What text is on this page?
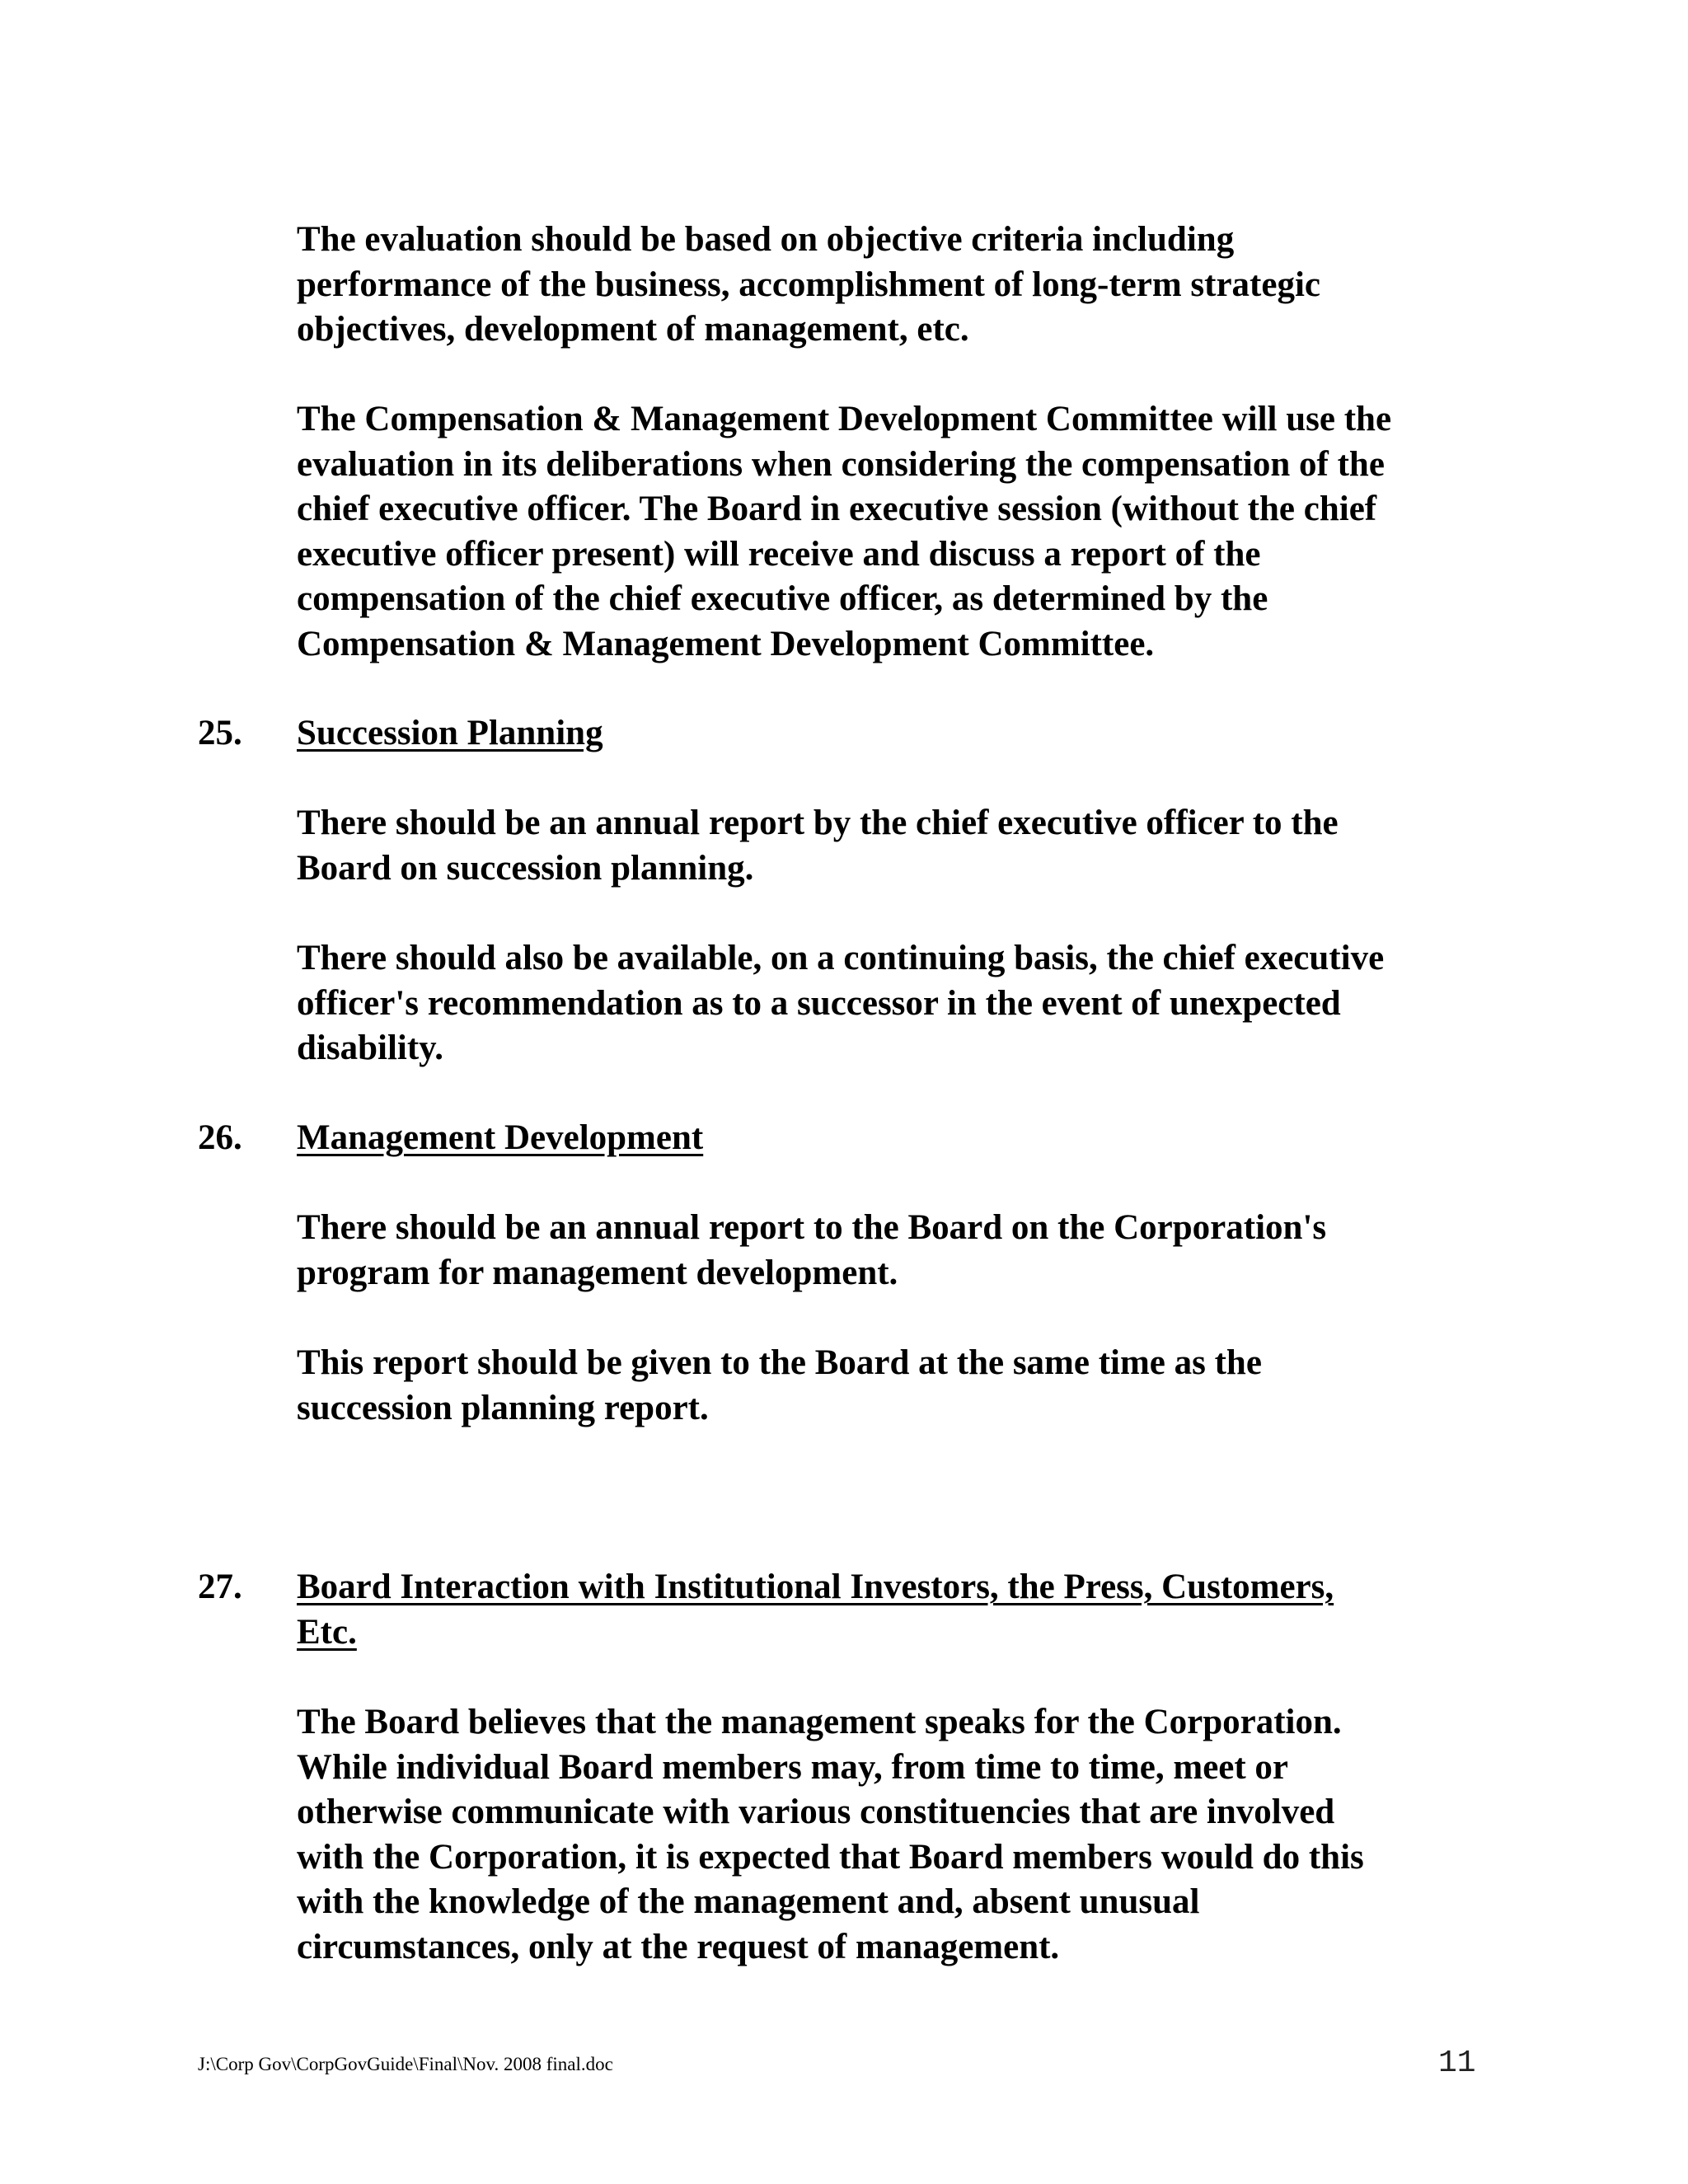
The evaluation should be based on objective criteria including
performance of the business, accomplishment of long-term strategic
objectives, development of management, etc.
The Compensation & Management Development Committee will use the
evaluation in its deliberations when considering the compensation of the
chief executive officer. The Board in executive session (without the chief
executive officer present) will receive and discuss a report of the
compensation of the chief executive officer, as determined by the
Compensation & Management Development Committee.
25. Succession Planning
There should be an annual report by the chief executive officer to the
Board on succession planning.
There should also be available, on a continuing basis, the chief executive
officer's recommendation as to a successor in the event of unexpected
disability.
26. Management Development
There should be an annual report to the Board on the Corporation's
program for management development.
This report should be given to the Board at the same time as the
succession planning report.
27. Board Interaction with Institutional Investors, the Press, Customers,
Etc.
The Board believes that the management speaks for the Corporation.
While individual Board members may, from time to time, meet or
otherwise communicate with various constituencies that are involved
with the Corporation, it is expected that Board members would do this
with the knowledge of the management and, absent unusual
circumstances, only at the request of management.
J:\Corp Gov\CorpGovGuide\Final\Nov. 2008 final.doc	11
